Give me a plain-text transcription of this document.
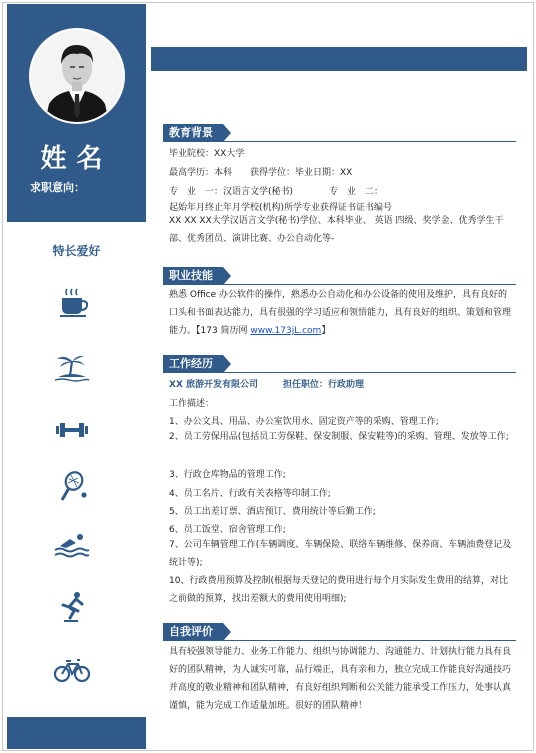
姓名
求职意向：
特长爱好
31
教育背景
毕业院校：XX大学
最高学历：本科　　获得学位：毕业日期：XX
专　业　一：汉语言文学(秘书)　　　　专　业　二：
起始年月终止年月学校(机构)所学专业获得证书证书编号
XX XX XX大学汉语言文学(秘书)学位、本科毕业、 英语 四级、奖学金、优秀学生干部、优秀团员、演讲比赛、办公自动化等-
职业技能
熟悉 Office 办公软件的操作，熟悉办公自动化和办公设备的使用及维护，具有良好的口头和书面表达能力，具有很强的学习适应和领悟能力，具有良好的组织、策划和管理能力。【173 简历网 www.173jL.com】
工作经历
XX 旅游开发有限公司	担任职位：行政助理
工作描述：
1、办公文具、用品、办公室饮用水、固定资产等的采购、管理工作;
2、员工劳保用品(包括员工劳保鞋、保安制服、保安鞋等)的采购、管理、发放等工作;
3、行政仓库物品的管理工作;
4、员工名片、行政有关表格等印制工作;
5、员工出差订票、酒店预订、费用统计等后勤工作;
6、员工饭堂、宿舍管理工作;
7、公司车辆管理工作(车辆调度、车辆保险、联络车辆维修、保养商、车辆油费登记及统计等);
10、行政费用预算及控制(根据每天登记的费用进行每个月实际发生费用的结算，对比之前做的预算，找出差额大的费用使用明细);
自我评价
具有较强领导能力、业务工作能力、组织与协调能力、沟通能力、计划执行能力具有良好的团队精神，为人诚实可靠，品行端正，具有亲和力，独立完成工作能良好沟通技巧并高度的敬业精神和团队精神，有良好组织判断和公关能力能承受工作压力，处事认真谨慎，能为完成工作适量加班。很好的团队精神！
